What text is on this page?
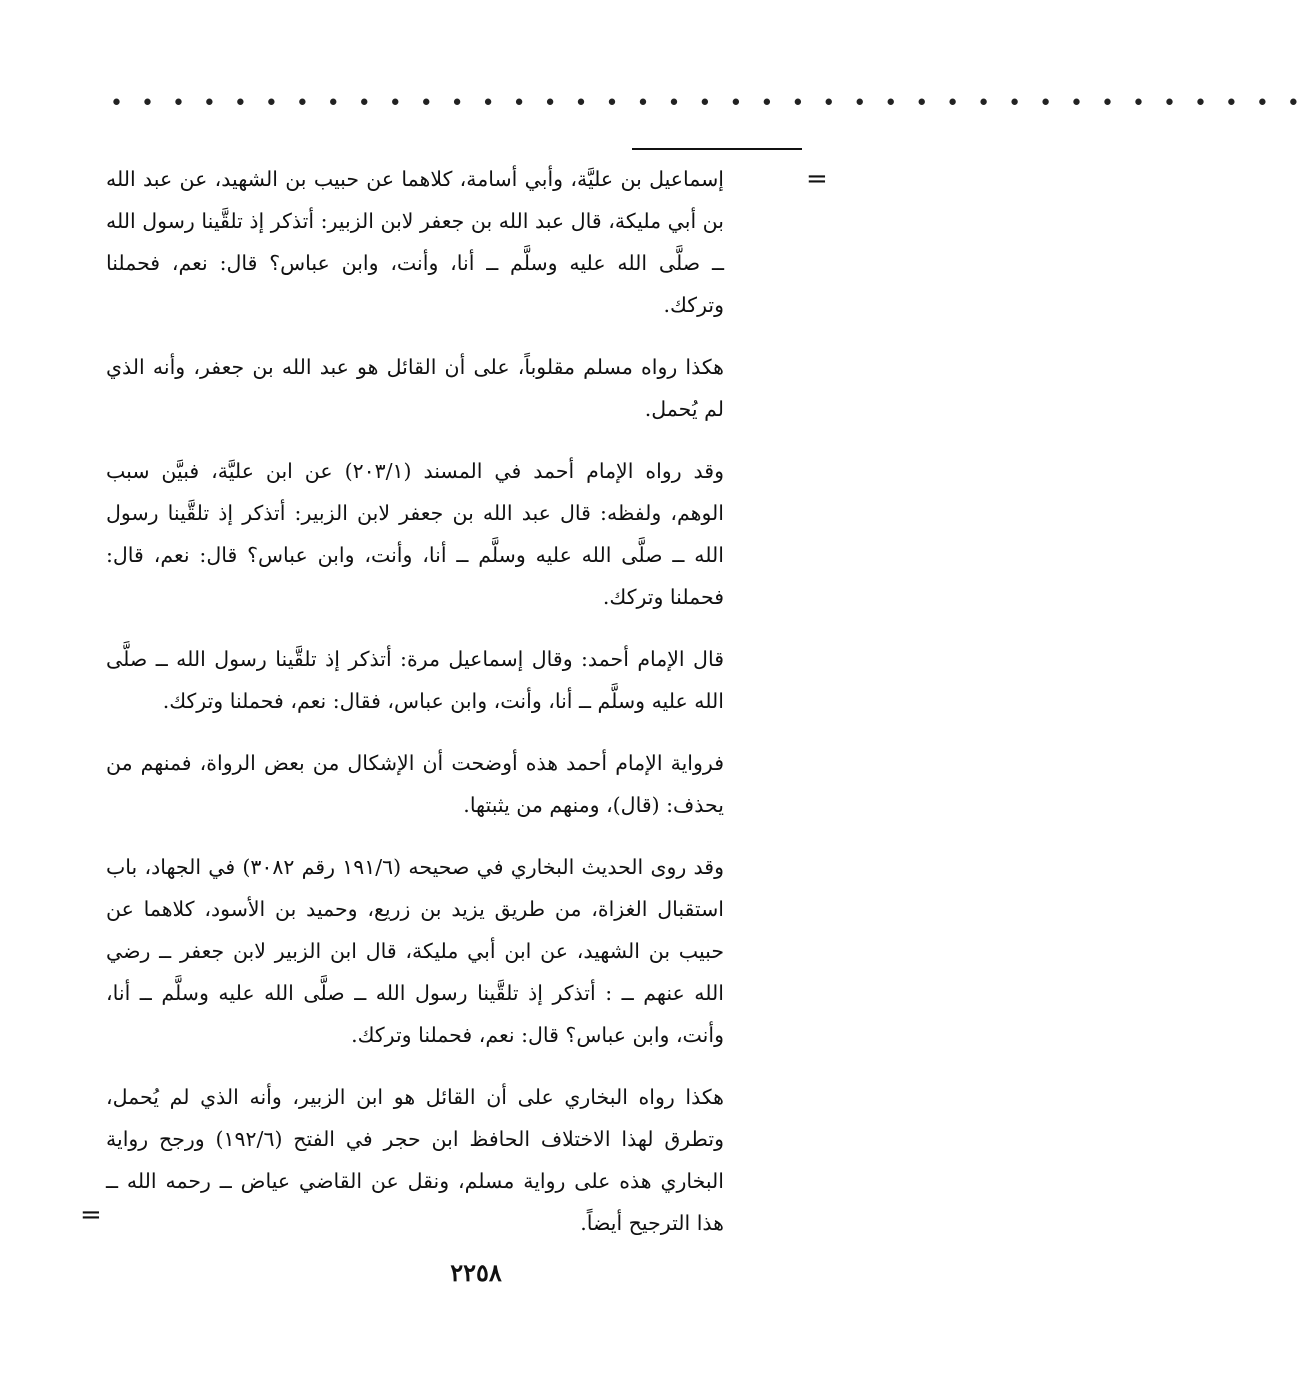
• • • • • • • • • • • • • • • • • • • • • • • • • • • • • • • • • • • • • • •
=

إسماعيل بن عليَّة، وأبي أسامة، كلاهما عن حبيب بن الشهيد، عن عبد الله بن أبي مليكة، قال عبد الله بن جعفر لابن الزبير: أتذكر إذ تلقَّينا رسول الله ــ صلَّى الله عليه وسلَّم ــ أنا، وأنت، وابن عباس؟ قال: نعم، فحملنا وتركك.

هكذا رواه مسلم مقلوباً، على أن القائل هو عبد الله بن جعفر، وأنه الذي لم يُحمل.

وقد رواه الإمام أحمد في المسند (٢٠٣/١) عن ابن عليَّة، فبيَّن سبب الوهم، ولفظه: قال عبد الله بن جعفر لابن الزبير: أتذكر إذ تلقَّينا رسول الله ــ صلَّى الله عليه وسلَّم ــ أنا، وأنت، وابن عباس؟ قال: نعم، قال: فحملنا وتركك.

قال الإمام أحمد: وقال إسماعيل مرة: أتذكر إذ تلقَّينا رسول الله ــ صلَّى الله عليه وسلَّم ــ أنا، وأنت، وابن عباس، فقال: نعم، فحملنا وتركك.

فرواية الإمام أحمد هذه أوضحت أن الإشكال من بعض الرواة، فمنهم من يحذف: (قال)، ومنهم من يثبتها.

وقد روى الحديث البخاري في صحيحه (١٩١/٦ رقم ٣٠٨٢) في الجهاد، باب استقبال الغزاة، من طريق يزيد بن زريع، وحميد بن الأسود، كلاهما عن حبيب بن الشهيد، عن ابن أبي مليكة، قال ابن الزبير لابن جعفر ــ رضي الله عنهم ــ : أتذكر إذ تلقَّينا رسول الله ــ صلَّى الله عليه وسلَّم ــ أنا، وأنت، وابن عباس؟ قال: نعم، فحملنا وتركك.

هكذا رواه البخاري على أن القائل هو ابن الزبير، وأنه الذي لم يُحمل، وتطرق لهذا الاختلاف الحافظ ابن حجر في الفتح (١٩٢/٦) ورجح رواية البخاري هذه على رواية مسلم، ونقل عن القاضي عياض ــ رحمه الله ــ هذا الترجيح أيضاً.

=
٢٢٥٨
